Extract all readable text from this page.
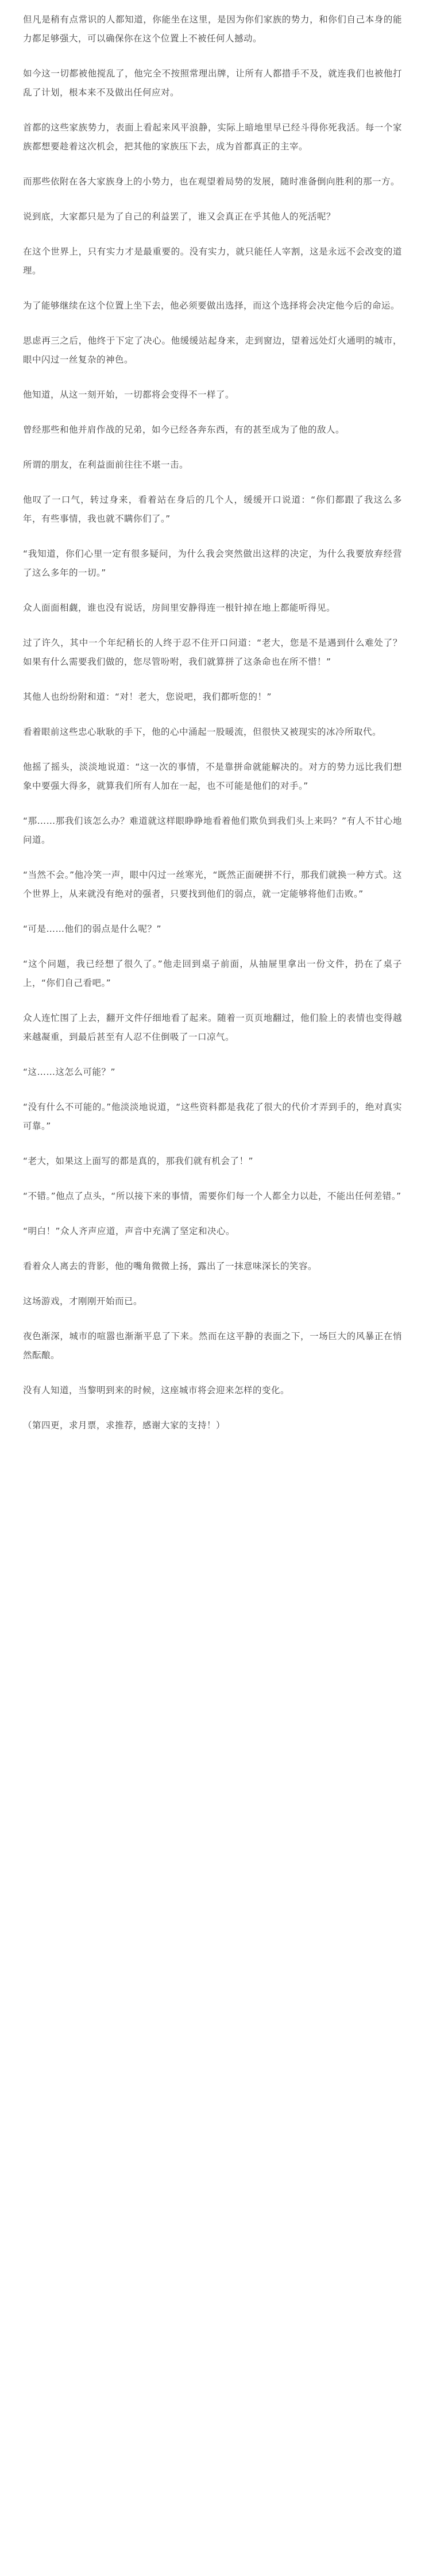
但凡是稍有点常识的人都知道，你能坐在这里，是因为你们家族的势力，和你们自己本身的能力都足够强大，可以确保你在这个位置上不被任何人撼动。

如今这一切都被他搅乱了，他完全不按照常理出牌，让所有人都措手不及，就连我们也被他打乱了计划，根本来不及做出任何应对。

首都的这些家族势力，表面上看起来风平浪静，实际上暗地里早已经斗得你死我活。每一个家族都想要趁着这次机会，把其他的家族压下去，成为首都真正的主宰。

而那些依附在各大家族身上的小势力，也在观望着局势的发展，随时准备倒向胜利的那一方。

说到底，大家都只是为了自己的利益罢了，谁又会真正在乎其他人的死活呢？

在这个世界上，只有实力才是最重要的。没有实力，就只能任人宰割，这是永远不会改变的道理。

为了能够继续在这个位置上坐下去，他必须要做出选择，而这个选择将会决定他今后的命运。

思虑再三之后，他终于下定了决心。他缓缓站起身来，走到窗边，望着远处灯火通明的城市，眼中闪过一丝复杂的神色。

他知道，从这一刻开始，一切都将会变得不一样了。

曾经那些和他并肩作战的兄弟，如今已经各奔东西，有的甚至成为了他的敌人。

所谓的朋友，在利益面前往往不堪一击。

他叹了一口气，转过身来，看着站在身后的几个人，缓缓开口说道：“你们都跟了我这么多年，有些事情，我也就不瞒你们了。”

“我知道，你们心里一定有很多疑问，为什么我会突然做出这样的决定，为什么我要放弃经营了这么多年的一切。”

众人面面相觑，谁也没有说话，房间里安静得连一根针掉在地上都能听得见。

过了许久，其中一个年纪稍长的人终于忍不住开口问道：“老大，您是不是遇到什么难处了？如果有什么需要我们做的，您尽管吩咐，我们就算拼了这条命也在所不惜！”

其他人也纷纷附和道：“对！老大，您说吧，我们都听您的！”

看着眼前这些忠心耿耿的手下，他的心中涌起一股暖流，但很快又被现实的冰冷所取代。

他摇了摇头，淡淡地说道：“这一次的事情，不是靠拼命就能解决的。对方的势力远比我们想象中要强大得多，就算我们所有人加在一起，也不可能是他们的对手。”

“那……那我们该怎么办？难道就这样眼睁睁地看着他们欺负到我们头上来吗？”有人不甘心地问道。

“当然不会。”他冷笑一声，眼中闪过一丝寒光，“既然正面硬拼不行，那我们就换一种方式。这个世界上，从来就没有绝对的强者，只要找到他们的弱点，就一定能够将他们击败。”

“可是……他们的弱点是什么呢？”

“这个问题，我已经想了很久了。”他走回到桌子前面，从抽屉里拿出一份文件，扔在了桌子上，“你们自己看吧。”

众人连忙围了上去，翻开文件仔细地看了起来。随着一页页地翻过，他们脸上的表情也变得越来越凝重，到最后甚至有人忍不住倒吸了一口凉气。

“这……这怎么可能？”

“没有什么不可能的。”他淡淡地说道，“这些资料都是我花了很大的代价才弄到手的，绝对真实可靠。”

“老大，如果这上面写的都是真的，那我们就有机会了！”

“不错。”他点了点头，“所以接下来的事情，需要你们每一个人都全力以赴，不能出任何差错。”

“明白！”众人齐声应道，声音中充满了坚定和决心。

看着众人离去的背影，他的嘴角微微上扬，露出了一抹意味深长的笑容。

这场游戏，才刚刚开始而已。

夜色渐深，城市的喧嚣也渐渐平息了下来。然而在这平静的表面之下，一场巨大的风暴正在悄然酝酿。

没有人知道，当黎明到来的时候，这座城市将会迎来怎样的变化。

（第四更，求月票，求推荐，感谢大家的支持！）
